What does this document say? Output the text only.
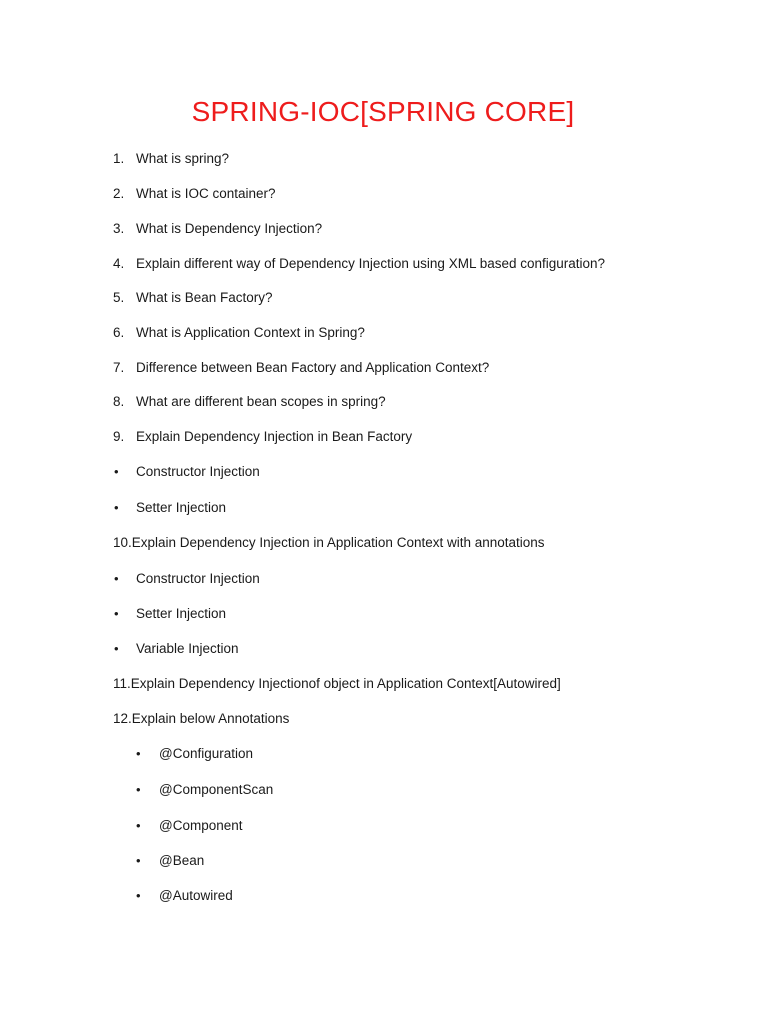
SPRING-IOC[SPRING CORE]
1. What is spring?
2. What is IOC container?
3. What is Dependency Injection?
4. Explain different way of Dependency Injection using XML based configuration?
5. What is Bean Factory?
6. What is Application Context in Spring?
7. Difference between Bean Factory and Application Context?
8. What are different bean scopes in spring?
9. Explain Dependency Injection in Bean Factory
• Constructor Injection
• Setter Injection
10.Explain Dependency Injection in Application Context with annotations
• Constructor Injection
• Setter Injection
• Variable Injection
11.Explain Dependency Injectionof object in Application Context[Autowired]
12.Explain below Annotations
• @Configuration
• @ComponentScan
• @Component
• @Bean
• @Autowired
